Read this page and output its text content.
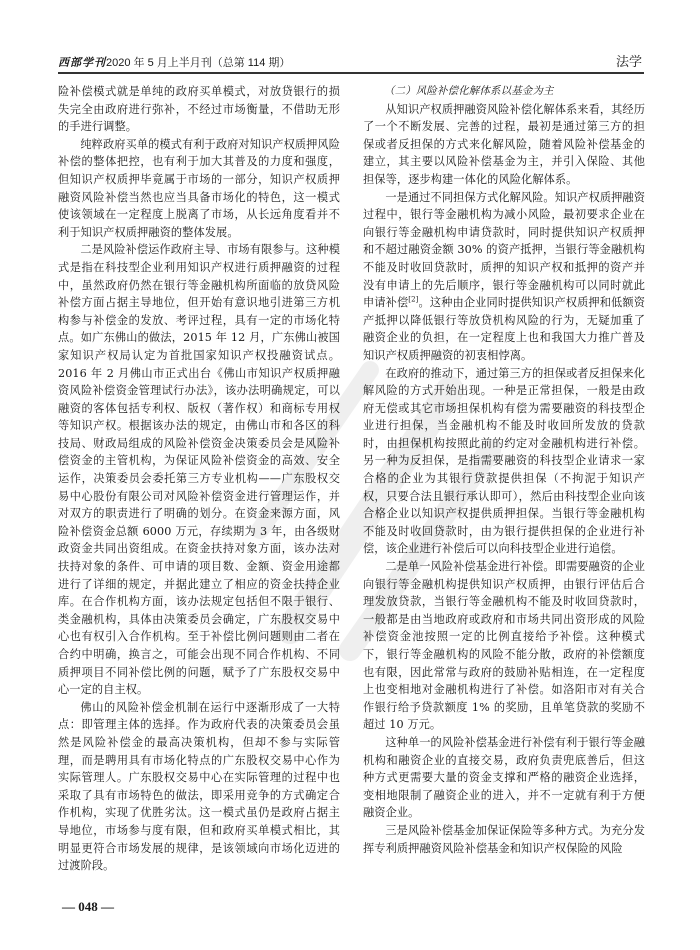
西部学刊2020 年 5 月上半月刊（总第 114 期）	法学

险补偿模式就是单纯的政府买单模式，对放贷银行的损失完全由政府进行弥补，不经过市场衡量，不借助无形的手进行调整。

纯粹政府买单的模式有利于政府对知识产权质押风险补偿的整体把控，也有利于加大其普及的力度和强度，但知识产权质押毕竟属于市场的一部分，知识产权质押融资风险补偿当然也应当具备市场化的特色，这一模式使该领域在一定程度上脱离了市场，从长远角度看并不利于知识产权质押融资的整体发展。

二是风险补偿运作政府主导、市场有限参与。这种模式是指在科技型企业利用知识产权进行质押融资的过程中，虽然政府仍然在银行等金融机构所面临的放贷风险补偿方面占据主导地位，但开始有意识地引进第三方机构参与补偿金的发放、考评过程，具有一定的市场化特点。如广东佛山的做法，2015 年 12 月，广东佛山被国家知识产权局认定为首批国家知识产权投融资试点。2016 年 2 月佛山市正式出台《佛山市知识产权质押融资风险补偿资金管理试行办法》，该办法明确规定，可以融资的客体包括专利权、版权（著作权）和商标专用权等知识产权。根据该办法的规定，由佛山市和各区的科技局、财政局组成的风险补偿资金决策委员会是风险补偿资金的主管机构，为保证风险补偿资金的高效、安全运作，决策委员会委托第三方专业机构——广东股权交易中心股份有限公司对风险补偿资金进行管理运作，并对双方的职责进行了明确的划分。在资金来源方面，风险补偿资金总额 6000 万元，存续期为 3 年，由各级财政资金共同出资组成。在资金扶持对象方面，该办法对扶持对象的条件、可申请的项目数、金额、资金用途都进行了详细的规定，并据此建立了相应的资金扶持企业库。在合作机构方面，该办法规定包括但不限于银行、类金融机构，具体由决策委员会确定，广东股权交易中心也有权引入合作机构。至于补偿比例问题则由二者在合约中明确，换言之，可能会出现不同合作机构、不同质押项目不同补偿比例的问题，赋予了广东股权交易中心一定的自主权。

佛山的风险补偿金机制在运行中逐渐形成了一大特点：即管理主体的选择。作为政府代表的决策委员会虽然是风险补偿金的最高决策机构，但却不参与实际管理，而是聘用具有市场化特点的广东股权交易中心作为实际管理人。广东股权交易中心在实际管理的过程中也采取了具有市场特色的做法，即采用竞争的方式确定合作机构，实现了优胜劣汰。这一模式虽仍是政府占据主导地位，市场参与度有限，但和政府买单模式相比，其明显更符合市场发展的规律，是该领域向市场化迈进的过渡阶段。

（二）风险补偿化解体系以基金为主

从知识产权质押融资风险补偿化解体系来看，其经历了一个不断发展、完善的过程，最初是通过第三方的担保或者反担保的方式来化解风险，随着风险补偿基金的建立，其主要以风险补偿基金为主，并引入保险、其他担保等，逐步构建一体化的风险化解体系。

一是通过不同担保方式化解风险。知识产权质押融资过程中，银行等金融机构为减小风险，最初要求企业在向银行等金融机构申请贷款时，同时提供知识产权质押和不超过融资金额 30% 的资产抵押，当银行等金融机构不能及时收回贷款时，质押的知识产权和抵押的资产并没有申请上的先后顺序，银行等金融机构可以同时就此申请补偿[2]。这种由企业同时提供知识产权质押和低额资产抵押以降低银行等放贷机构风险的行为，无疑加重了融资企业的负担，在一定程度上也和我国大力推广普及知识产权质押融资的初衷相悖离。

在政府的推动下，通过第三方的担保或者反担保来化解风险的方式开始出现。一种是正常担保，一般是由政府无偿或其它市场担保机构有偿为需要融资的科技型企业进行担保，当金融机构不能及时收回所发放的贷款时，由担保机构按照此前的约定对金融机构进行补偿。另一种为反担保，是指需要融资的科技型企业请求一家合格的企业为其银行贷款提供担保（不拘泥于知识产权，只要合法且银行承认即可），然后由科技型企业向该合格企业以知识产权提供质押担保。当银行等金融机构不能及时收回贷款时，由为银行提供担保的企业进行补偿，该企业进行补偿后可以向科技型企业进行追偿。

二是单一风险补偿基金进行补偿。即需要融资的企业向银行等金融机构提供知识产权质押，由银行评估后合理发放贷款，当银行等金融机构不能及时收回贷款时，一般都是由当地政府或政府和市场共同出资形成的风险补偿资金池按照一定的比例直接给予补偿。这种模式下，银行等金融机构的风险不能分散，政府的补偿额度也有限，因此常常与政府的鼓励补贴相连，在一定程度上也变相地对金融机构进行了补偿。如洛阳市对有关合作银行给予贷款额度 1% 的奖励，且单笔贷款的奖励不超过 10 万元。

这种单一的风险补偿基金进行补偿有利于银行等金融机构和融资企业的直接交易，政府负责兜底善后，但这种方式更需要大量的资金支撑和严格的融资企业选择，变相地限制了融资企业的进入，并不一定就有利于方便融资企业。

三是风险补偿基金加保证保险等多种方式。为充分发挥专利质押融资风险补偿基金和知识产权保险的风险

— 048 —
